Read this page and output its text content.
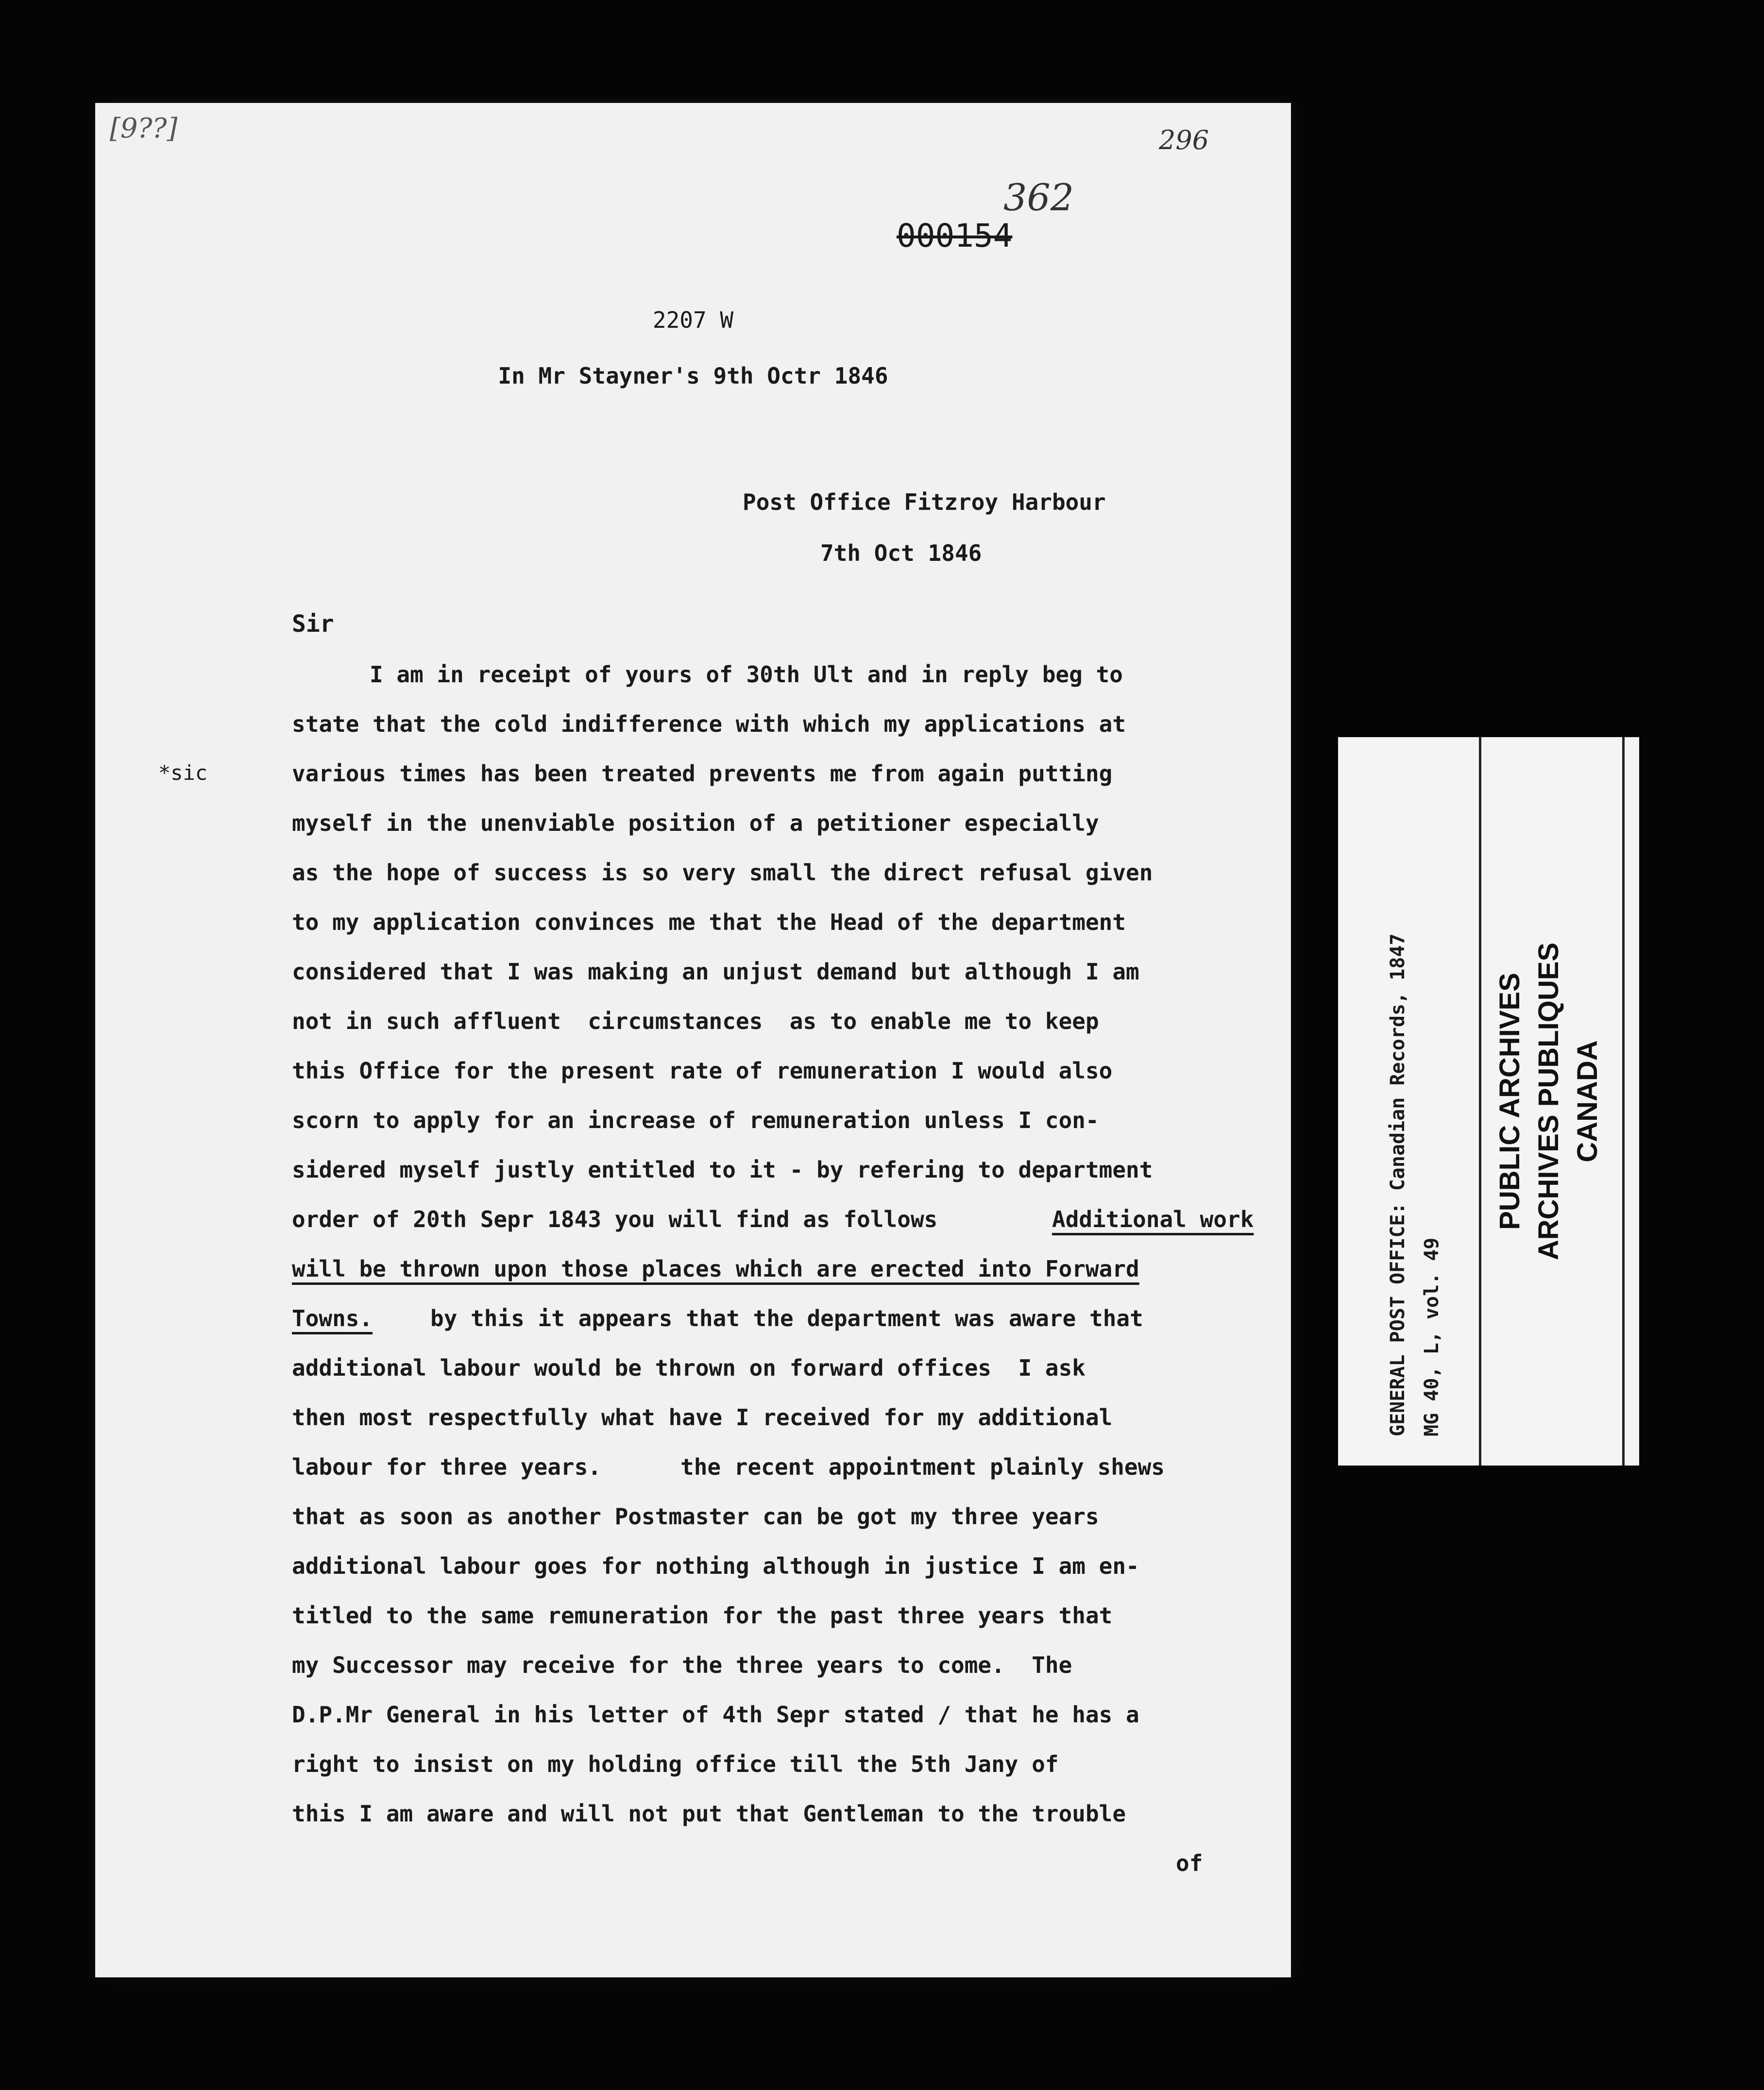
[9??]	296
362
000154
2207 W
In Mr Stayner's 9th Octr 1846
Post Office Fitzroy Harbour
7th Oct 1846
Sir
*sic
I am in receipt of yours of 30th Ult and in reply beg to
state that the cold indifference with which my applications at
various times has been treated prevents me from again putting
myself in the unenviable position of a petitioner especially
as the hope of success is so very small the direct refusal given
to my application convinces me that the Head of the department
considered that I was making an unjust demand but although I am
not in such affluent  circumstances  as to enable me to keep
this Office for the present rate of remuneration I would also
scorn to apply for an increase of remuneration unless I con-
sidered myself justly entitled to it - by refering to department
order of 20th Sepr 1843 you will find as follows	Additional work
will be thrown upon those places which are erected into Forward
Towns.	by this it appears that the department was aware that
additional labour would be thrown on forward offices  I ask
then most respectfully what have I received for my additional
labour for three years.	the recent appointment plainly shews
that as soon as another Postmaster can be got my three years
additional labour goes for nothing although in justice I am en-
titled to the same remuneration for the past three years that
my Successor may receive for the three years to come.  The
D.P.Mr General in his letter of 4th Sepr stated / that he has a
right to insist on my holding office till the 5th Jany of
this I am aware and will not put that Gentleman to the trouble
of
GENERAL POST OFFICE: Canadian Records, 1847 MG 40, L, vol. 49
PUBLIC ARCHIVES ARCHIVES PUBLIQUES CANADA
